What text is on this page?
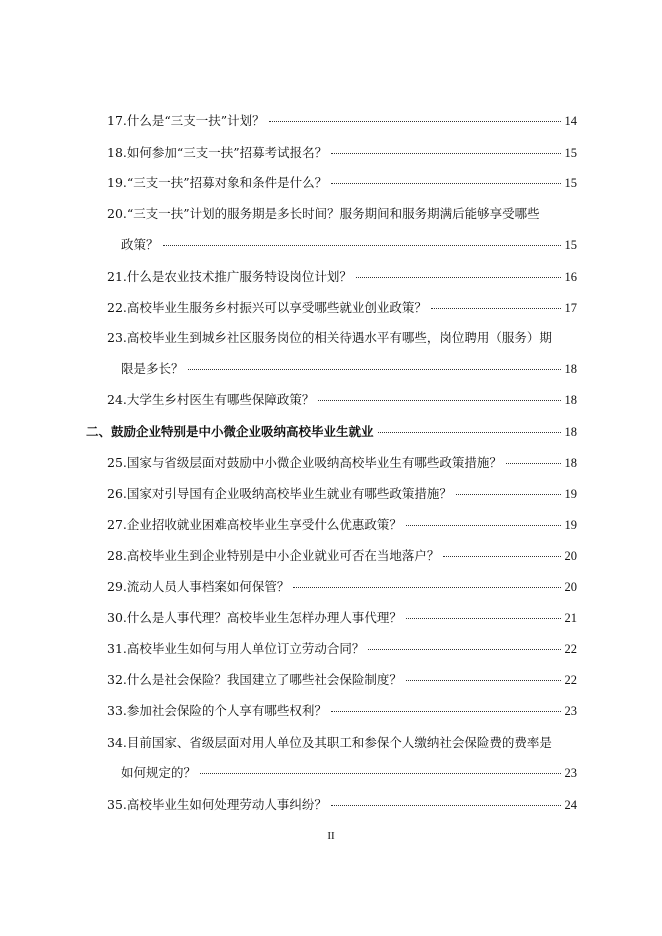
17.什么是“三支一扶”计划？	14
18.如何参加“三支一扶”招募考试报名？	15
19.“三支一扶”招募对象和条件是什么？	15
20.“三支一扶”计划的服务期是多长时间？服务期间和服务期满后能够享受哪些
政策？	15
21.什么是农业技术推广服务特设岗位计划？	16
22.高校毕业生服务乡村振兴可以享受哪些就业创业政策？	17
23.高校毕业生到城乡社区服务岗位的相关待遇水平有哪些，岗位聘用（服务）期
限是多长？	18
24.大学生乡村医生有哪些保障政策？	18
二、鼓励企业特别是中小微企业吸纳高校毕业生就业	18
25.国家与省级层面对鼓励中小微企业吸纳高校毕业生有哪些政策措施？	18
26.国家对引导国有企业吸纳高校毕业生就业有哪些政策措施？	19
27.企业招收就业困难高校毕业生享受什么优惠政策？	19
28.高校毕业生到企业特别是中小企业就业可否在当地落户？	20
29.流动人员人事档案如何保管？	20
30.什么是人事代理？高校毕业生怎样办理人事代理？	21
31.高校毕业生如何与用人单位订立劳动合同？	22
32.什么是社会保险？我国建立了哪些社会保险制度？	22
33.参加社会保险的个人享有哪些权利？	23
34.目前国家、省级层面对用人单位及其职工和参保个人缴纳社会保险费的费率是
如何规定的？	23
35.高校毕业生如何处理劳动人事纠纷？	24
II
